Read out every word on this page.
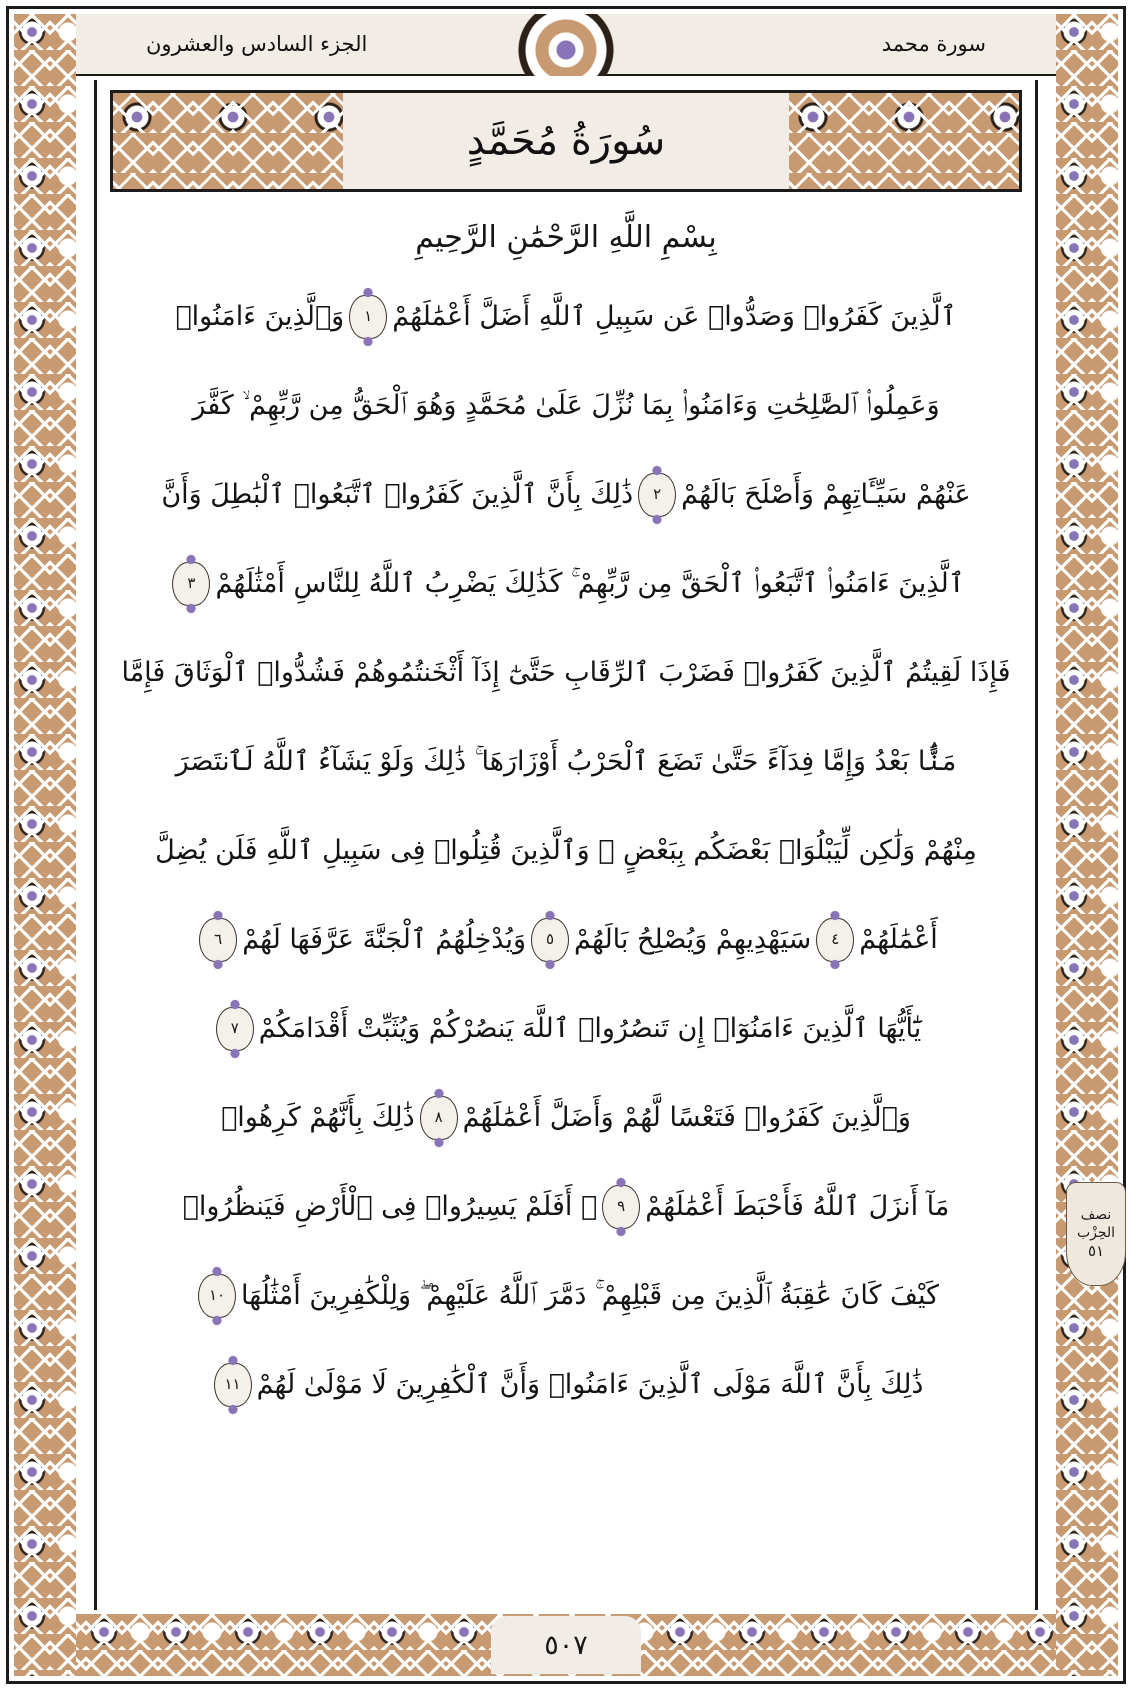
سورة محمد
الجزء السادس والعشرون
سُورَةُ مُحَمَّدٍ
بِسْمِ اللَّهِ الرَّحْمَٰنِ الرَّحِيمِ
ٱلَّذِينَ كَفَرُوا۟ وَصَدُّوا۟ عَن سَبِيلِ ٱللَّهِ أَضَلَّ أَعْمَٰلَهُمْ
١
وَٱلَّذِينَ ءَامَنُوا۟
وَعَمِلُوا۟ ٱلصَّٰلِحَٰتِ وَءَامَنُوا۟ بِمَا نُزِّلَ عَلَىٰ مُحَمَّدٍ وَهُوَ ٱلْحَقُّ مِن رَّبِّهِمْ ۙ كَفَّرَ
عَنْهُمْ سَيِّـَٔاتِهِمْ وَأَصْلَحَ بَالَهُمْ
٢
ذَٰلِكَ بِأَنَّ ٱلَّذِينَ كَفَرُوا۟ ٱتَّبَعُوا۟ ٱلْبَٰطِلَ وَأَنَّ
ٱلَّذِينَ ءَامَنُوا۟ ٱتَّبَعُوا۟ ٱلْحَقَّ مِن رَّبِّهِمْ ۚ كَذَٰلِكَ يَضْرِبُ ٱللَّهُ لِلنَّاسِ أَمْثَٰلَهُمْ
٣
فَإِذَا لَقِيتُمُ ٱلَّذِينَ كَفَرُوا۟ فَضَرْبَ ٱلرِّقَابِ حَتَّىٰٓ إِذَآ أَثْخَنتُمُوهُمْ فَشُدُّوا۟ ٱلْوَثَاقَ فَإِمَّا
مَنًّۢا بَعْدُ وَإِمَّا فِدَآءً حَتَّىٰ تَضَعَ ٱلْحَرْبُ أَوْزَارَهَا ۚ ذَٰلِكَ وَلَوْ يَشَآءُ ٱللَّهُ لَٱنتَصَرَ
مِنْهُمْ وَلَٰكِن لِّيَبْلُوَا۟ بَعْضَكُم بِبَعْضٍ ۗ وَٱلَّذِينَ قُتِلُوا۟ فِى سَبِيلِ ٱللَّهِ فَلَن يُضِلَّ
أَعْمَٰلَهُمْ
٤
سَيَهْدِيهِمْ وَيُصْلِحُ بَالَهُمْ
٥
وَيُدْخِلُهُمُ ٱلْجَنَّةَ عَرَّفَهَا لَهُمْ
٦
يَٰٓأَيُّهَا ٱلَّذِينَ ءَامَنُوٓا۟ إِن تَنصُرُوا۟ ٱللَّهَ يَنصُرْكُمْ وَيُثَبِّتْ أَقْدَامَكُمْ
٧
وَٱلَّذِينَ كَفَرُوا۟ فَتَعْسًا لَّهُمْ وَأَضَلَّ أَعْمَٰلَهُمْ
٨
ذَٰلِكَ بِأَنَّهُمْ كَرِهُوا۟
مَآ أَنزَلَ ٱللَّهُ فَأَحْبَطَ أَعْمَٰلَهُمْ
٩
۞ أَفَلَمْ يَسِيرُوا۟ فِى ٱلْأَرْضِ فَيَنظُرُوا۟
كَيْفَ كَانَ عَٰقِبَةُ ٱلَّذِينَ مِن قَبْلِهِمْ ۚ دَمَّرَ ٱللَّهُ عَلَيْهِمْ ۖ وَلِلْكَٰفِرِينَ أَمْثَٰلُهَا
١٠
ذَٰلِكَ بِأَنَّ ٱللَّهَ مَوْلَى ٱلَّذِينَ ءَامَنُوا۟ وَأَنَّ ٱلْكَٰفِرِينَ لَا مَوْلَىٰ لَهُمْ
١١
نصف
الحِزْب
٥١
٥٠٧
